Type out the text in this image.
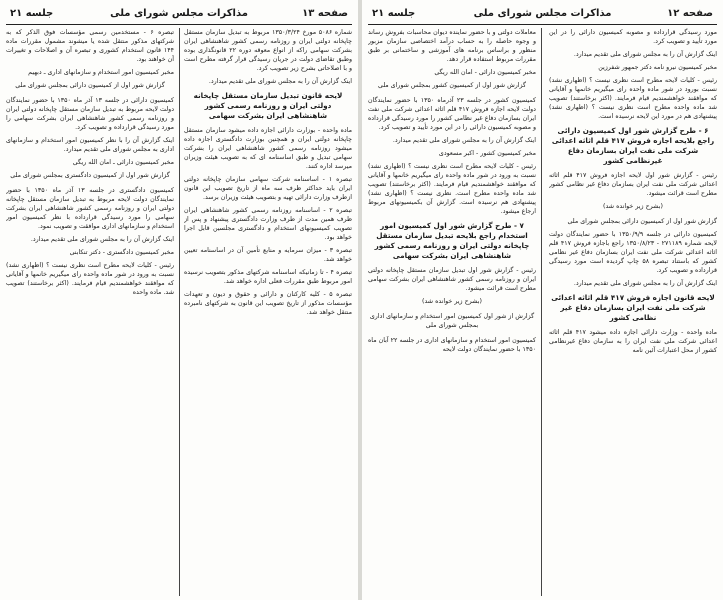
صفحه ۱۳
مذاکرات مجلس شورای ملی
جلسه ۲۱

شماره ۵۰۸۶ مورخ ۱۳۵۰/۳/۲۴ مربوط به تبدیل سازمان مستقل چاپخانه دولتی ایران و روزنامه رسمی کشور شاهنشاهی ایران بشرکت سهامی راکه از انواع معوقه دوره ۲۲ قانونگذاری بوده وطبق تقاضای دولت در جریان رسیدگی قرار گرفته مطرح است و با اصلاحاتی بشرح زیر تصویب کرد.

اینک گزارش آن را به مجلس شورای ملی تقدیم میدارد.

لایحه قانون تبدیل سازمان مستقل چاپخانه دولتی ایران و روزنامه رسمی کشور شاهنشاهی ایران بشرکت سهامی

ماده واحده - بوزارت دارائی اجازه داده میشود سازمان مستقل چاپخانه دولتی ایران و همچنین بوزارت دادگستری اجازه داده میشود روزنامه رسمی کشور شاهنشاهی ایران را بشرکت سهامی تبدیل و طبق اساسنامه ای که به تصویب هیئت وزیران میرسد اداره کنند.

تبصره ۱ - اساسنامه شرکت سهامی سازمان چاپخانه دولتی ایران باید حداکثر ظرف سه ماه از تاریخ تصویب این قانون ازطرف وزارت دارائی تهیه و بتصویب هیئت وزیران برسد.

تبصره ۲ - اساسنامه روزنامه رسمی کشور شاهنشاهی ایران ظرف همین مدت از طرف وزارت دادگستری پیشنهاد و پس از تصویب کمیسیونهای استخدام و دادگستری مجلسین قابل اجرا خواهد بود.

تبصره ۳ - میزان سرمایه و منابع تأمین آن در اساسنامه تعیین خواهد شد.

تبصره ۴ - تا زمانیکه اساسنامه شرکتهای مذکور بتصویب نرسیده امور مربوط طبق مقررات فعلی اداره خواهد شد.

تبصره ۵ - کلیه کارکنان و دارائی و حقوق و دیون و تعهدات مؤسسات مذکور از تاریخ تصویب این قانون به شرکتهای نامبرده منتقل خواهد شد.

تبصره ۶ - مستخدمین رسمی مؤسسات فوق الذکر که به شرکتهای مذکور منتقل شده یا میشوند مشمول مقررات ماده ۱۴۴ قانون استخدام کشوری و تبصره آن و اصلاحات و تغییرات آن خواهند بود.

مخبر کمیسیون امور استخدام و سازمانهای اداری ـ دبهیم

گزارش شور اول از کمیسیون دارائی بمجلس شورای ملی

کمیسیون دارائی در جلسه ۱۳ آذر ماه ۱۳۵۰ با حضور نمایندگان دولت لایحه مربوط به تبدیل سازمان مستقل چاپخانه دولتی ایران و روزنامه رسمی کشور شاهنشاهی ایران بشرکت سهامی را مورد رسیدگی قرارداده و تصویب کرد.

اینک گزارش آن را با نظر کمیسیون امور استخدام و سازمانهای اداری به مجلس شورای ملی تقدیم میدارد.

مخبر کمیسیون دارائی ـ امان الله ریگی

گزارش شور اول از کمیسیون دادگستری بمجلس شورای ملی

کمیسیون دادگستری در جلسه ۱۳ آذر ماه ۱۳۵۰ با حضور نمایندگان دولت لایحه مربوط به تبدیل سازمان مستقل چاپخانه دولتی ایران و روزنامه رسمی کشور شاهنشاهی ایران بشرکت سهامی را مورد رسیدگی قرارداده با نظر کمیسیون امور استخدام و سازمانهای اداری موافقت و تصویب نمود.

اینک گزارش آن را به مجلس شورای ملی تقدیم میدارد.

مخبر کمیسیون دادگستری - دکتر تنکابنی

رئیس - کلیات لایحه مطرح است نظری نیست ؟ (اظهاری نشد) نسبت به ورود در شور ماده واحده رای میگیریم خانمها و آقایانی که موافقند خواهشمندیم قیام فرمایند. (اکثر برخاستند) تصویب شد. ماده واحده

صفحه ۱۲
مذاکرات مجلس شورای ملی
جلسه ۲۱

مورد رسیدگی قرارداده و مصوبه کمیسیون دارائی را در این مورد تأیید و تصویب کرد.

اینک گزارش آن را به مجلس شورای ملی تقدیم میدارد.

مخبر کمیسیون نیرو نامه دکتر جمهور شفرزین

رئیس - کلیات لایحه مطرح است نظری نیست ؟ (اظهاری نشد) نسبت بورود در شور ماده واحده رای میگیریم خانمها و آقایانی که موافقند خواهشمندیم قیام فرمایند. (اکثر برخاستند) تصویب شد ماده واحده مطرح است نظری نیست ؟ (اظهاری نشد) پیشنهادی هم در مورد این لایحه نرسیده است.

۶ - طرح گزارش شور اول کمیسیون دارائی راجع بلایحه اجازه فروش ۴۱۷ قلم اثاثه اعدائی شرکت ملی نفت ایران بسازمان دفاع غیرنظامی کشور

رئیس - گزارش شور اول لایحه اجازه فروش ۴۱۷ قلم اثاثه اعدائی شرکت ملی نفت ایران بسازمان دفاع غیر نظامی کشور مطرح است قرائت میشود.

(بشرح زیر خوانده شد)

گزارش شور اول از کمیسیون دارائی بمجلس شورای ملی

کمیسیون دارائی در جلسه ۱۳۵۰/۹/۹ با حضور نمایندگان دولت لایحه شماره ۲۷۱۱۸۹ - ۱۳۵۰/۸/۲۳ راجع باجازه فروش ۴۱۷ قلم اثاثه اعدائی شرکت ملی نفت ایران بسازمان دفاع غیر نظامی کشور که باستناد تبصره ۵۸ چاپ گردیده است مورد رسیدگی قرارداده و تصویب کرد.

اینک گزارش آن را به مجلس شورای ملی تقدیم میدارد.

لایحه قانون اجازه فروش ۴۱۷ قلم اثاثه اعدائی شرکت ملی نفت ایران بسازمان دفاع غیر نظامی کشور

ماده واحده - وزارت دارائی اجازه داده میشود ۴۱۷ قلم اثاثه اعدائی شرکت ملی نفت ایران را به سازمان دفاع غیرنظامی کشور از محل اعتبارات آئین نامه

معاملات دولتی و با حضور نماینده دیوان محاسبات بفروش رساند و وجوه حاصله را به حساب درآمد اختصاصی سازمان مزبور منظور و براساس برنامه های آموزشی و ساختمانی بر طبق مقررات مربوط استفاده قرار دهد.

مخبر کمیسیون دارائی - امان الله ریگی

گزارش شور اول از کمیسیون کشور بمجلس شورای ملی

کمیسیون کشور در جلسه ۲۳ آذرماه ۱۳۵۰ با حضور نمایندگان دولت لایحه اجازه فروش ۴۱۷ قلم اثاثه اعدائی شرکت ملی نفت ایران بسازمان دفاع غیر نظامی کشور را مورد رسیدگی قرارداده و مصوبه کمیسیون دارائی را در این مورد تأیید و تصویب کرد.

اینک گزارش آن را به مجلس شورای ملی تقدیم میدارد.

مخبر کمیسیون کشور - اکبر مسعودی

رئیس - کلیات لایحه مطرح است نظری نیست ؟ (اظهاری نشد) نسبت به ورود در شور ماده واحده رای میگیریم خانمها و آقایانی که موافقند خواهشمندیم قیام فرمایند. (اکثر برخاستند) تصویب شد ماده واحده مطرح است. نظری نیست ؟ (اظهاری نشد) پیشنهادی هم نرسیده است. گزارش آن بکمیسیونهای مربوط ارجاع میشود.

۷ - طرح گزارش شور اول کمیسیون امور استخدام راجع بلایحه تبدیل سازمان مستقل چاپخانه دولتی ایران و روزنامه رسمی کشور شاهنشاهی ایران بشرکت سهامی

رئیس - گزارش شور اول تبدیل سازمان مستقل چاپخانه دولتی ایران و روزنامه رسمی کشور شاهنشاهی ایران بشرکت سهامی مطرح است قرائت میشود.

(بشرح زیر خوانده شد)

گزارش از شور اول کمیسیون امور استخدام و سازمانهای اداری بمجلس شورای ملی

کمیسیون امور استخدام و سازمانهای اداری در جلسه ۲۲ آبان ماه ۱۳۵۰ با حضور نمایندگان دولت لایحه
